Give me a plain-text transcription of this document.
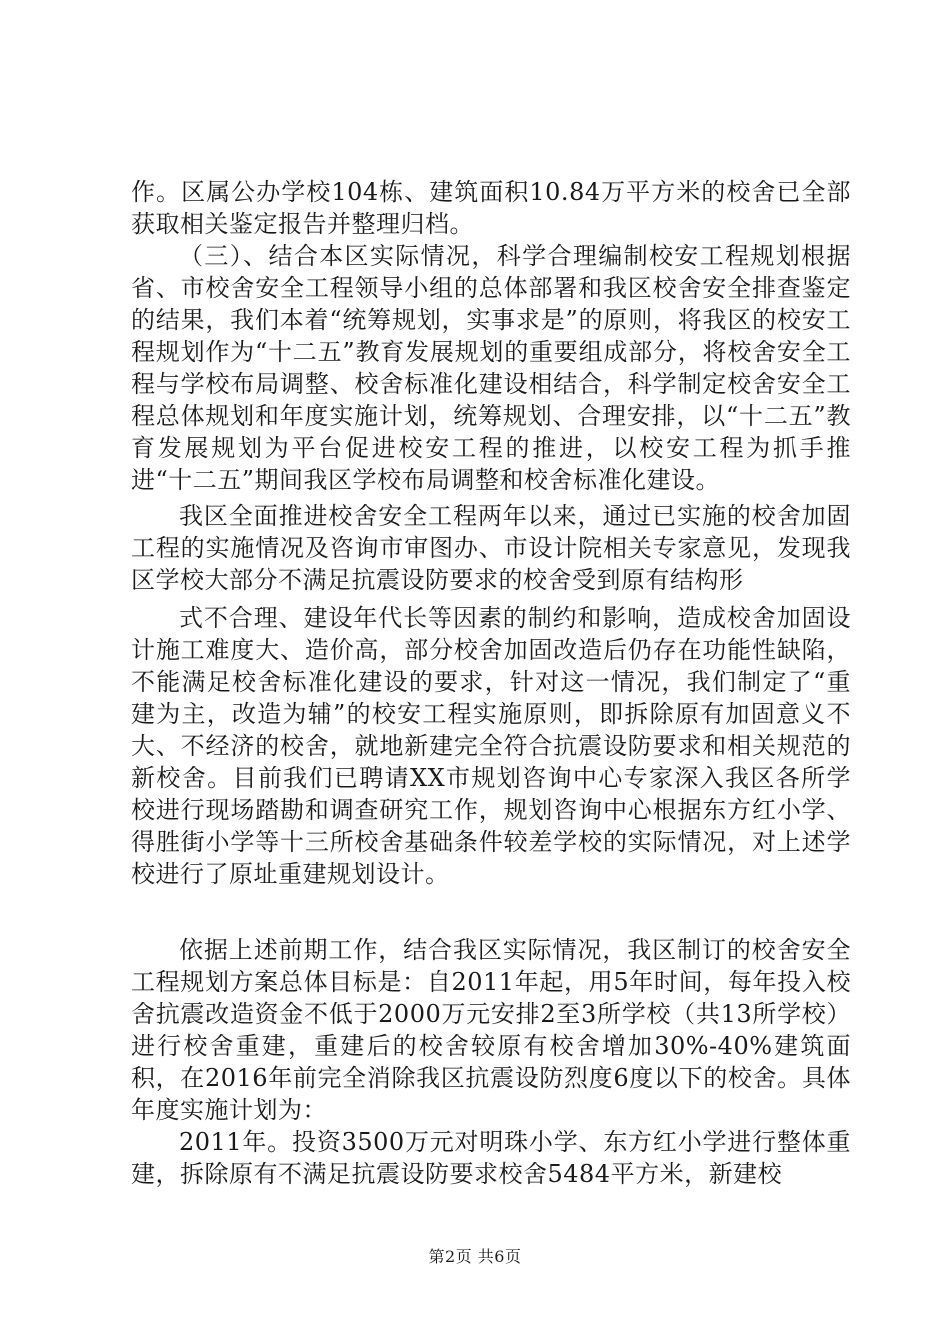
作。区属公办学校104栋、建筑面积10.84万平方米的校舍已全部获取相关鉴定报告并整理归档。

（三）、结合本区实际情况，科学合理编制校安工程规划根据省、市校舍安全工程领导小组的总体部署和我区校舍安全排查鉴定的结果，我们本着“统筹规划，实事求是”的原则，将我区的校安工程规划作为“十二五”教育发展规划的重要组成部分，将校舍安全工程与学校布局调整、校舍标准化建设相结合，科学制定校舍安全工程总体规划和年度实施计划，统筹规划、合理安排，以“十二五”教育发展规划为平台促进校安工程的推进，以校安工程为抓手推进“十二五”期间我区学校布局调整和校舍标准化建设。

我区全面推进校舍安全工程两年以来，通过已实施的校舍加固工程的实施情况及咨询市审图办、市设计院相关专家意见，发现我区学校大部分不满足抗震设防要求的校舍受到原有结构形

式不合理、建设年代长等因素的制约和影响，造成校舍加固设计施工难度大、造价高，部分校舍加固改造后仍存在功能性缺陷，不能满足校舍标准化建设的要求，针对这一情况，我们制定了“重建为主，改造为辅”的校安工程实施原则，即拆除原有加固意义不大、不经济的校舍，就地新建完全符合抗震设防要求和相关规范的新校舍。目前我们已聘请XX市规划咨询中心专家深入我区各所学校进行现场踏勘和调查研究工作，规划咨询中心根据东方红小学、得胜街小学等十三所校舍基础条件较差学校的实际情况，对上述学校进行了原址重建规划设计。

依据上述前期工作，结合我区实际情况，我区制订的校舍安全工程规划方案总体目标是：自2011年起，用5年时间，每年投入校舍抗震改造资金不低于2000万元安排2至3所学校（共13所学校）进行校舍重建，重建后的校舍较原有校舍增加30%-40%建筑面积，在2016年前完全消除我区抗震设防烈度6度以下的校舍。具体年度实施计划为：

2011年。投资3500万元对明珠小学、东方红小学进行整体重建，拆除原有不满足抗震设防要求校舍5484平方米，新建校

第2页 共6页
